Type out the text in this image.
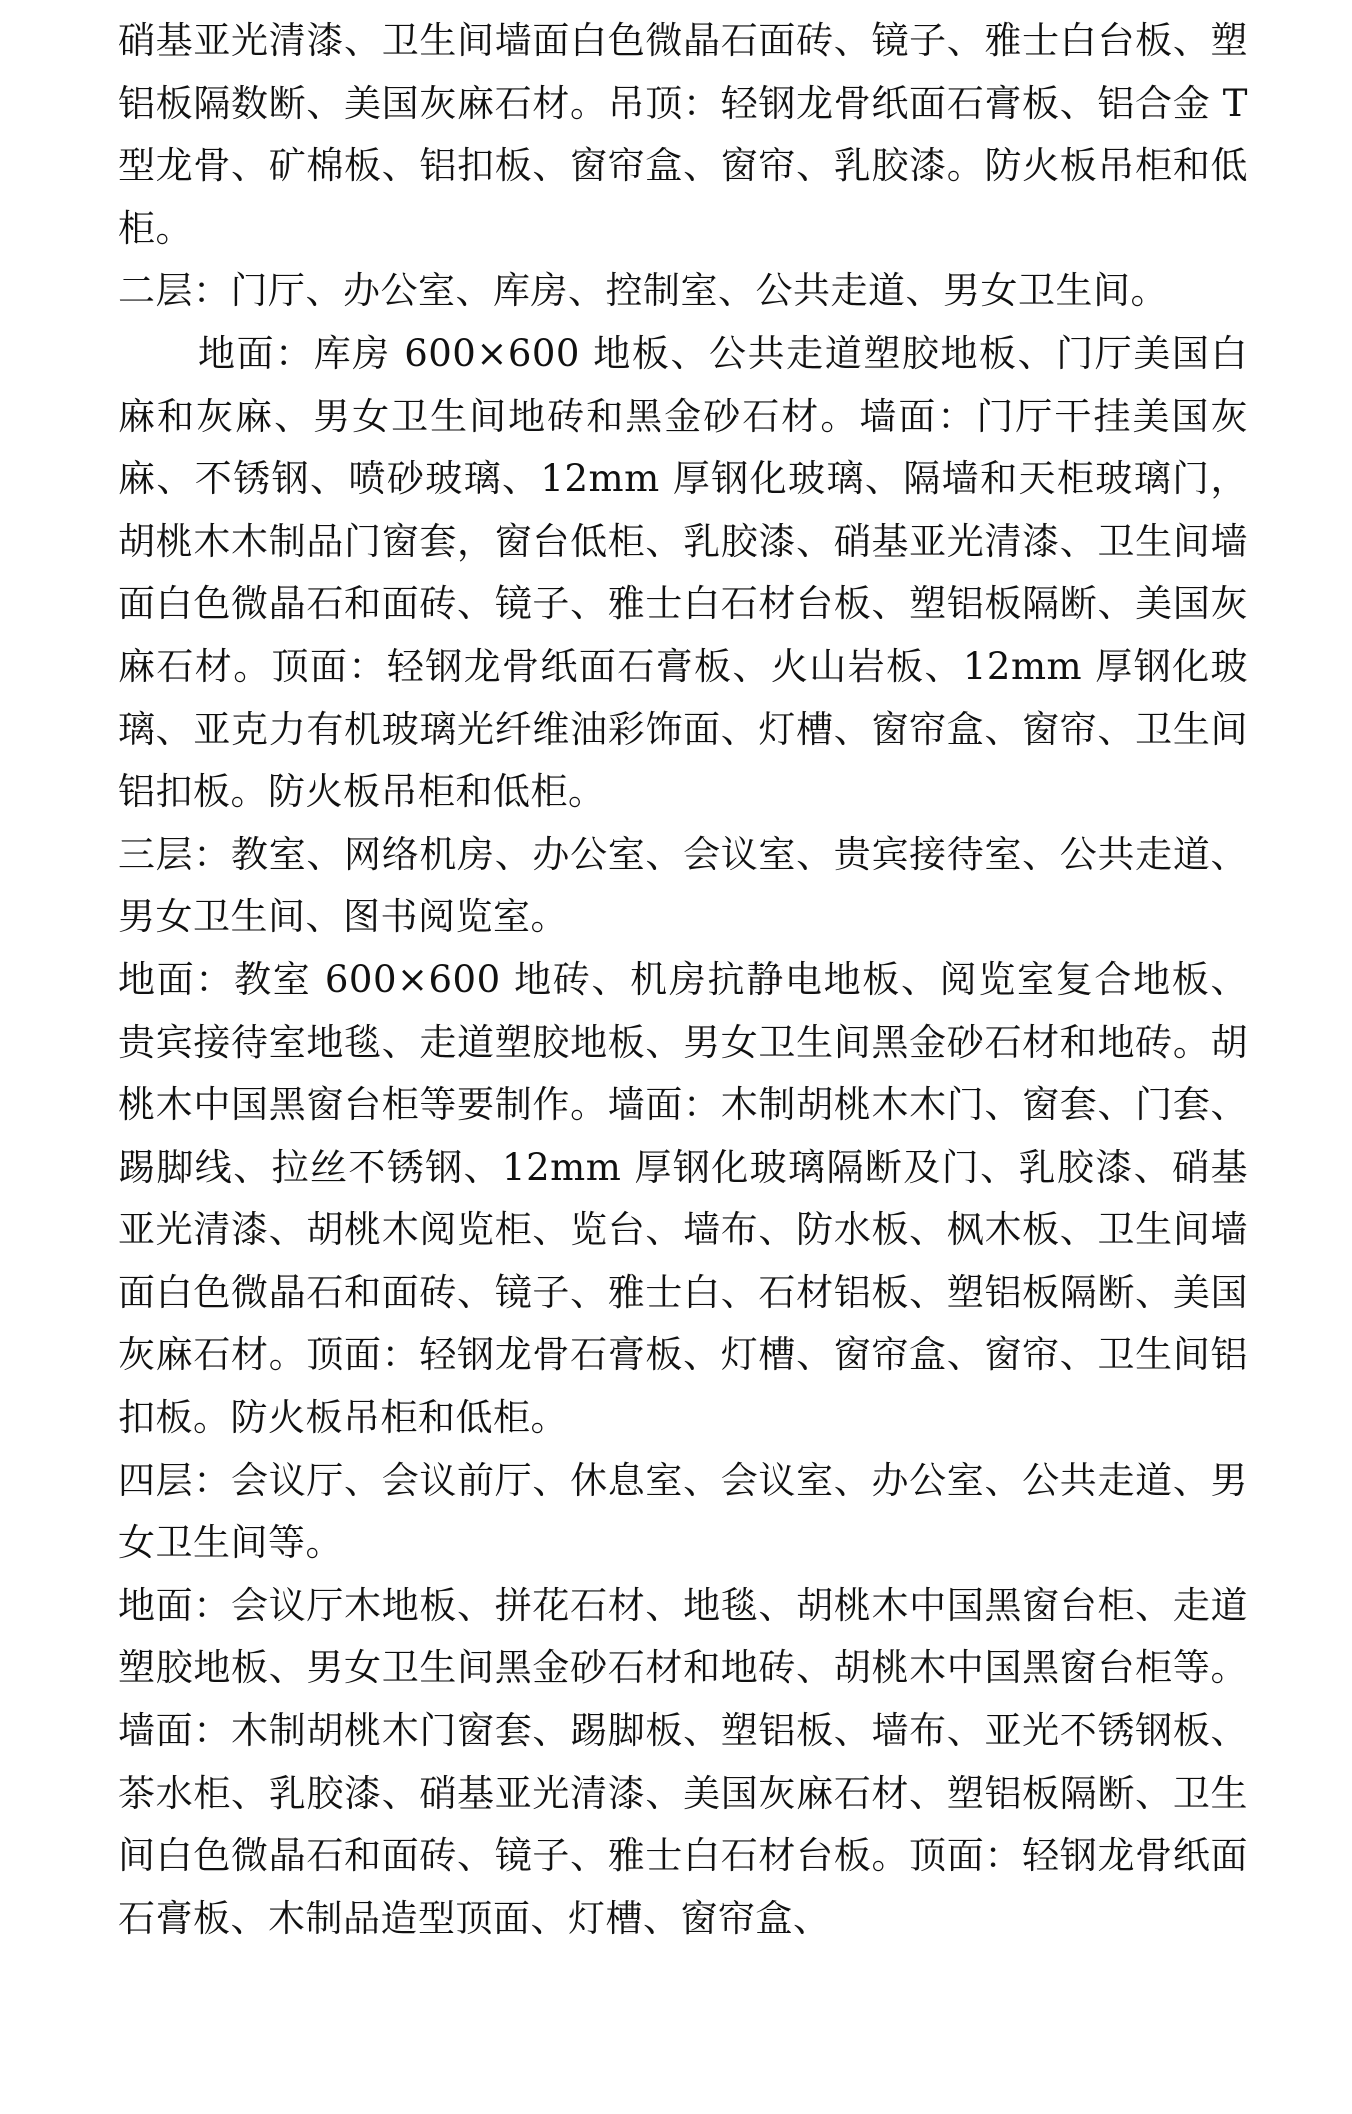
硝基亚光清漆、卫生间墙面白色微晶石面砖、镜子、雅士白台板、塑铝板隔数断、美国灰麻石材。吊顶：轻钢龙骨纸面石膏板、铝合金 T 型龙骨、矿棉板、铝扣板、窗帘盒、窗帘、乳胶漆。防火板吊柜和低柜。

二层：门厅、办公室、库房、控制室、公共走道、男女卫生间。

地面：库房 600×600 地板、公共走道塑胶地板、门厅美国白麻和灰麻、男女卫生间地砖和黑金砂石材。墙面：门厅干挂美国灰麻、不锈钢、喷砂玻璃、12mm 厚钢化玻璃、隔墙和天柜玻璃门，胡桃木木制品门窗套，窗台低柜、乳胶漆、硝基亚光清漆、卫生间墙面白色微晶石和面砖、镜子、雅士白石材台板、塑铝板隔断、美国灰麻石材。顶面：轻钢龙骨纸面石膏板、火山岩板、12mm 厚钢化玻璃、亚克力有机玻璃光纤维油彩饰面、灯槽、窗帘盒、窗帘、卫生间铝扣板。防火板吊柜和低柜。

三层：教室、网络机房、办公室、会议室、贵宾接待室、公共走道、男女卫生间、图书阅览室。

地面：教室 600×600 地砖、机房抗静电地板、阅览室复合地板、贵宾接待室地毯、走道塑胶地板、男女卫生间黑金砂石材和地砖。胡桃木中国黑窗台柜等要制作。墙面：木制胡桃木木门、窗套、门套、踢脚线、拉丝不锈钢、12mm 厚钢化玻璃隔断及门、乳胶漆、硝基亚光清漆、胡桃木阅览柜、览台、墙布、防水板、枫木板、卫生间墙面白色微晶石和面砖、镜子、雅士白、石材铝板、塑铝板隔断、美国灰麻石材。顶面：轻钢龙骨石膏板、灯槽、窗帘盒、窗帘、卫生间铝扣板。防火板吊柜和低柜。

四层：会议厅、会议前厅、休息室、会议室、办公室、公共走道、男女卫生间等。

地面：会议厅木地板、拼花石材、地毯、胡桃木中国黑窗台柜、走道塑胶地板、男女卫生间黑金砂石材和地砖、胡桃木中国黑窗台柜等。墙面：木制胡桃木门窗套、踢脚板、塑铝板、墙布、亚光不锈钢板、茶水柜、乳胶漆、硝基亚光清漆、美国灰麻石材、塑铝板隔断、卫生间白色微晶石和面砖、镜子、雅士白石材台板。顶面：轻钢龙骨纸面石膏板、木制品造型顶面、灯槽、窗帘盒、
